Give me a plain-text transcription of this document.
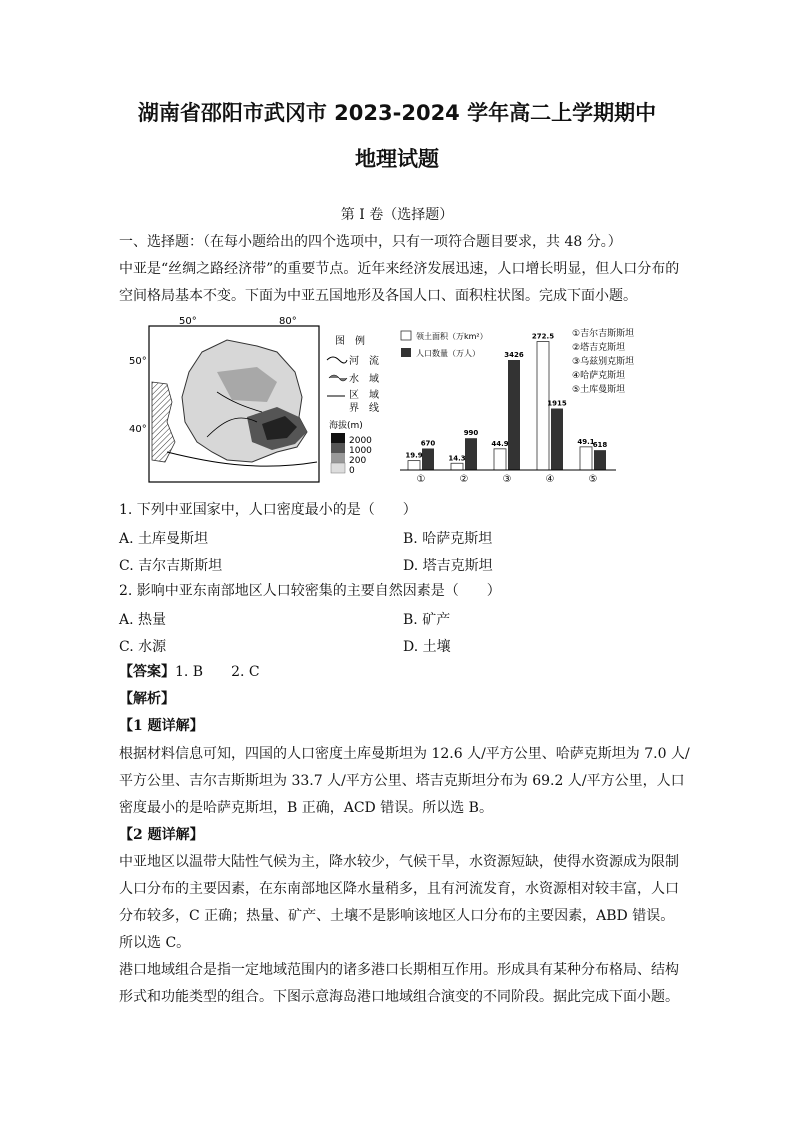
湖南省邵阳市武冈市 2023-2024 学年高二上学期期中
地理试题
第 I 卷（选择题）
一、选择题：（在每小题给出的四个选项中，只有一项符合题目要求，共 48 分。）
中亚是“丝绸之路经济带”的重要节点。近年来经济发展迅速，人口增长明显，但人口分布的
空间格局基本不变。下面为中亚五国地形及各国人口、面积柱状图。完成下面小题。
50°	80°
50°
40°
图　例
河　流
水　域
区　域
界　线
海拔(m)
2000
1000
200
0
领土面积（万km²）
人口数量（万人）
①吉尔吉斯斯坦
②塔吉克斯坦
③乌兹别克斯坦
④哈萨克斯坦
⑤土库曼斯坦
19.9
670
①
14.3
990
②
44.9
3426
③
272.5
1915
④
49.1
618
⑤
1. 下列中亚国家中，人口密度最小的是（　　）
A. 土库曼斯坦	B. 哈萨克斯坦
C. 吉尔吉斯斯坦	D. 塔吉克斯坦
2. 影响中亚东南部地区人口较密集的主要自然因素是（　　）
A. 热量	B. 矿产
C. 水源	D. 土壤
【答案】1. B　　2. C
【解析】
【1 题详解】
根据材料信息可知，四国的人口密度土库曼斯坦为 12.6 人/平方公里、哈萨克斯坦为 7.0 人/
平方公里、吉尔吉斯斯坦为 33.7 人/平方公里、塔吉克斯坦分布为 69.2 人/平方公里，人口
密度最小的是哈萨克斯坦，B 正确，ACD 错误。所以选 B。
【2 题详解】
中亚地区以温带大陆性气候为主，降水较少，气候干旱，水资源短缺，使得水资源成为限制
人口分布的主要因素，在东南部地区降水量稍多，且有河流发育，水资源相对较丰富，人口
分布较多，C 正确；热量、矿产、土壤不是影响该地区人口分布的主要因素，ABD 错误。
所以选 C。
港口地域组合是指一定地域范围内的诸多港口长期相互作用。形成具有某种分布格局、结构
形式和功能类型的组合。下图示意海岛港口地域组合演变的不同阶段。据此完成下面小题。
